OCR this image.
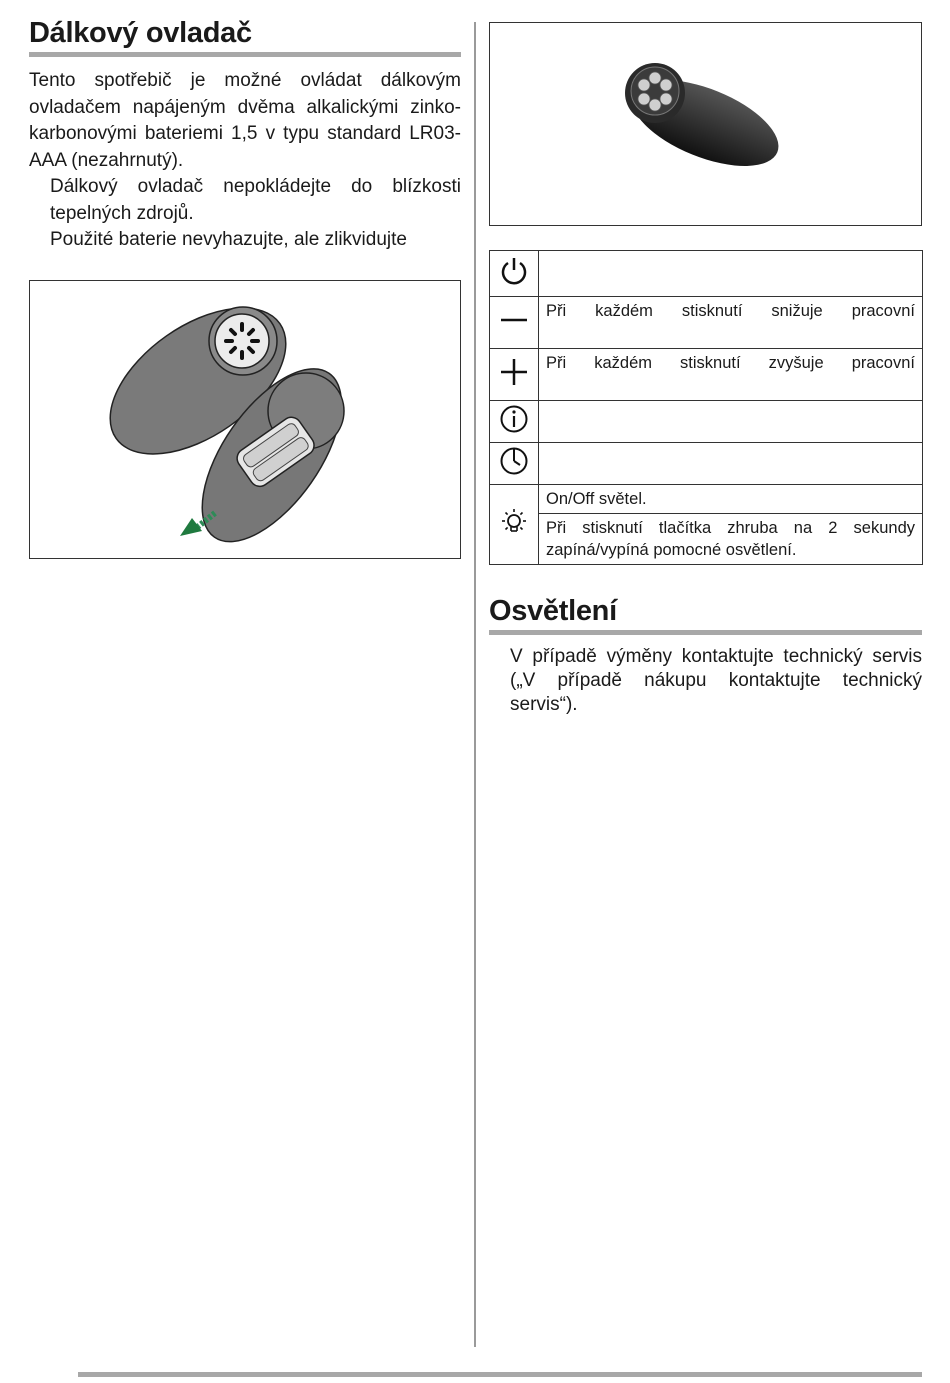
Dálkový ovladač

Tento spotřebič je možné ovládat dálkovým ovladačem napájeným dvěma alkalickými zinko-karbonovými bateriemi 1,5 v typu standard LR03-AAA (nezahrnutý).

Dálkový ovladač nepokládejte do blízkosti tepelných zdrojů.

Použité baterie nevyhazujte, ale zlikvidujte

	Při každém stisknutí snižuje pracovní
	Při každém stisknutí zvyšuje pracovní

	On/Off světel.
	Při stisknutí tlačítka zhruba na 2 sekundy zapíná/vypíná pomocné osvětlení.
Osvětlení

V případě výměny kontaktujte technický servis („V případě nákupu kontaktujte technický servis“).
